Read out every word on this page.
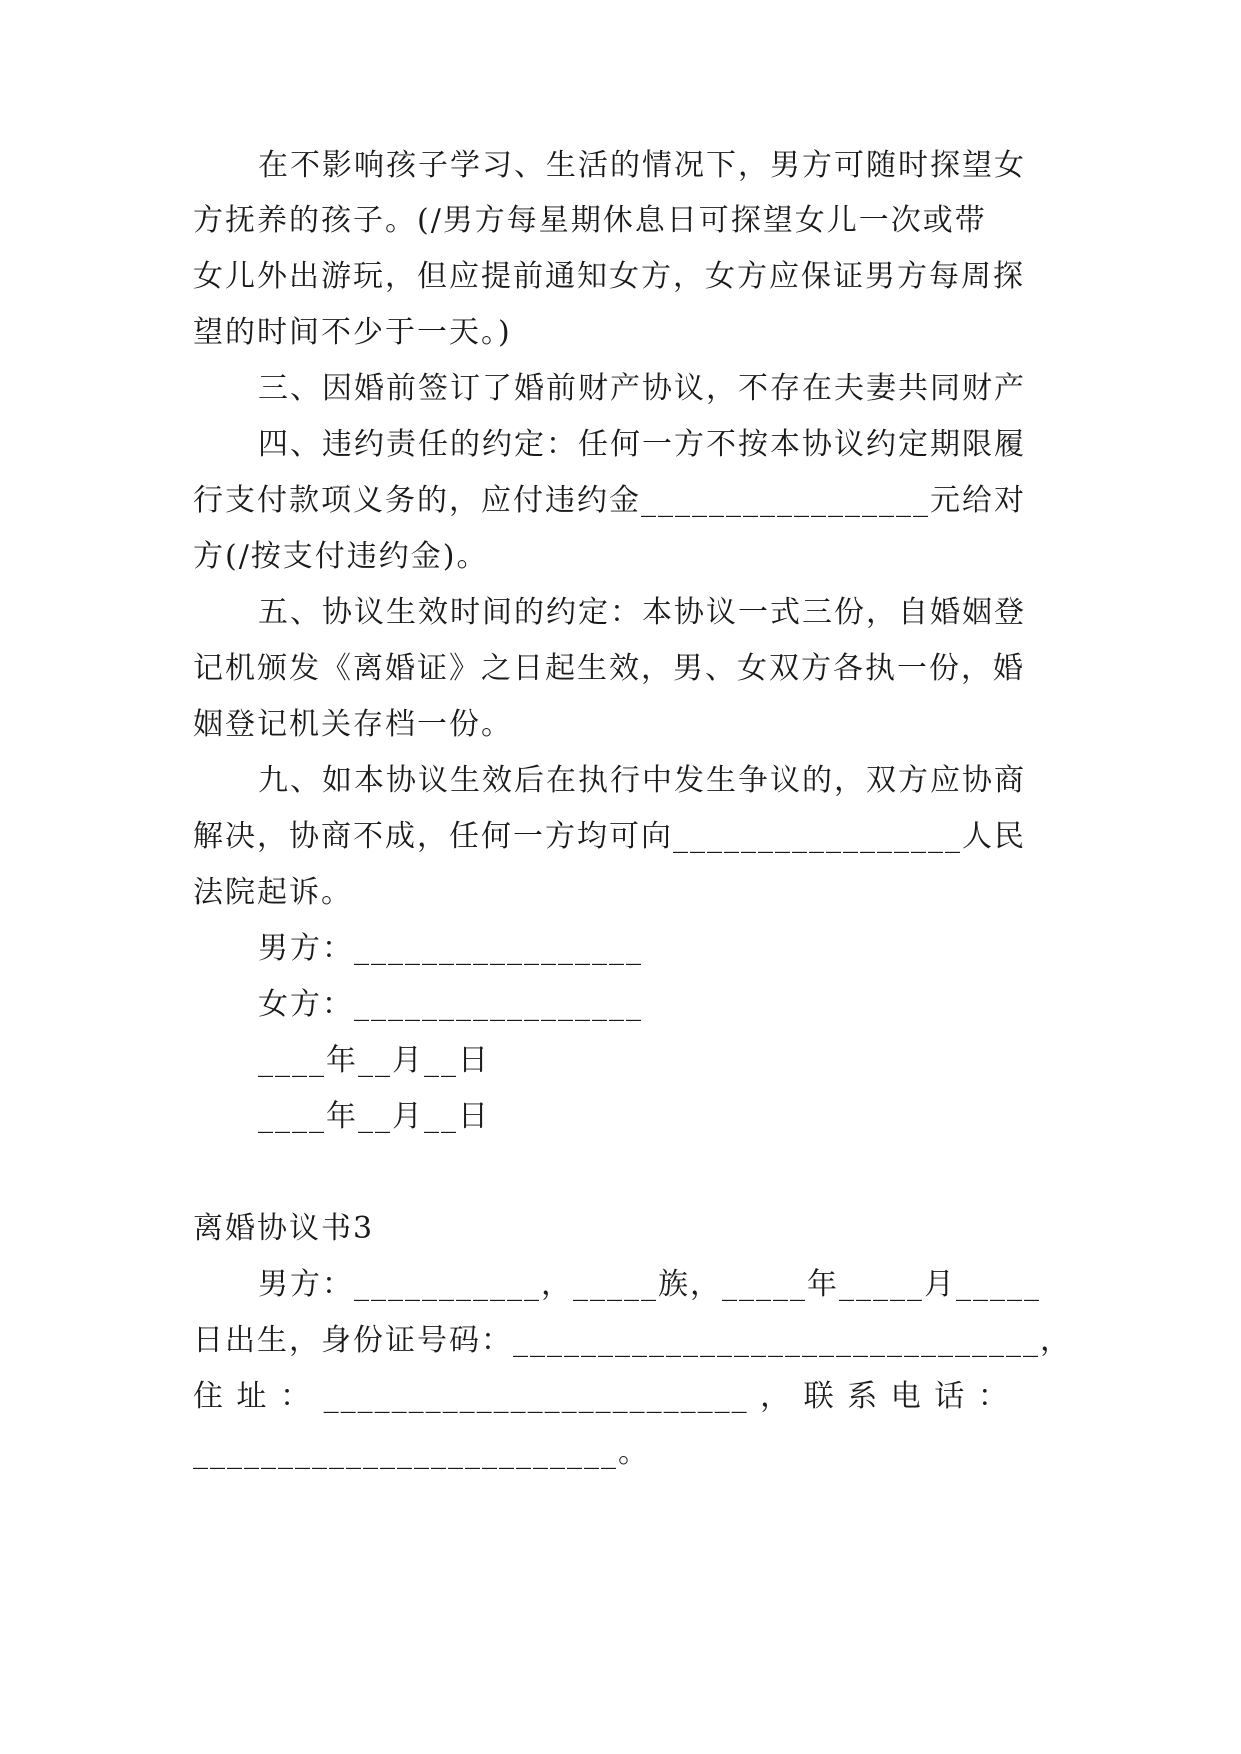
在不影响孩子学习、生活的情况下，男方可随时探望女
方抚养的孩子。(/男方每星期休息日可探望女儿一次或带
女儿外出游玩，但应提前通知女方，女方应保证男方每周探
望的时间不少于一天。)
三、因婚前签订了婚前财产协议，不存在夫妻共同财产
四、违约责任的约定：任何一方不按本协议约定期限履
行支付款项义务的，应付违约金_________________元给对
方(/按支付违约金)。
五、协议生效时间的约定：本协议一式三份，自婚姻登
记机颁发《离婚证》之日起生效，男、女双方各执一份，婚
姻登记机关存档一份。
九、如本协议生效后在执行中发生争议的，双方应协商
解决，协商不成，任何一方均可向_________________人民
法院起诉。
男方：_________________
女方：_________________
____年__月__日
____年__月__日
离婚协议书3
男方：___________，_____族，_____年_____月_____
日出生，身份证号码：_______________________________，
住 址 ： _________________________ ， 联 系 电 话 ：
_________________________。
